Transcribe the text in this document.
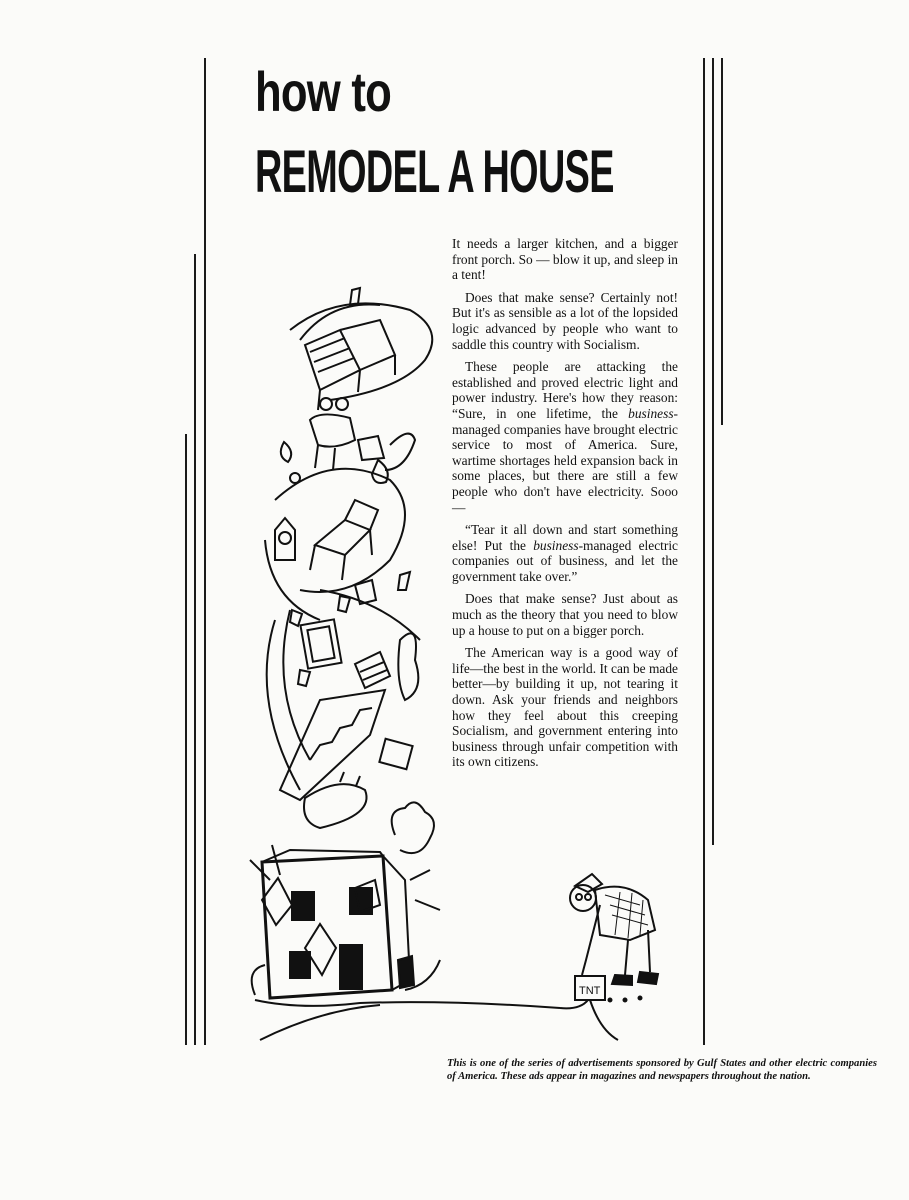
how to
REMODEL A HOUSE

It needs a larger kitchen, and a bigger front porch. So — blow it up, and sleep in a tent!

Does that make sense? Certainly not! But it's as sensible as a lot of the lopsided logic advanced by people who want to saddle this country with Socialism.

These people are attacking the established and proved electric light and power industry. Here's how they reason: “Sure, in one lifetime, the business-managed companies have brought electric service to most of America. Sure, wartime shortages held expansion back in some places, but there are still a few people who don't have electricity. Sooo —

“Tear it all down and start something else! Put the business-managed electric companies out of business, and let the government take over.”

Does that make sense? Just about as much as the theory that you need to blow up a house to put on a bigger porch.

The American way is a good way of life—the best in the world. It can be made better—by building it up, not tearing it down. Ask your friends and neighbors how they feel about this creeping Socialism, and government entering into business through unfair competition with its own citizens.

TNT
This is one of the series of advertisements sponsored by Gulf States and other electric companies of America. These ads appear in magazines and newspapers throughout the nation.
